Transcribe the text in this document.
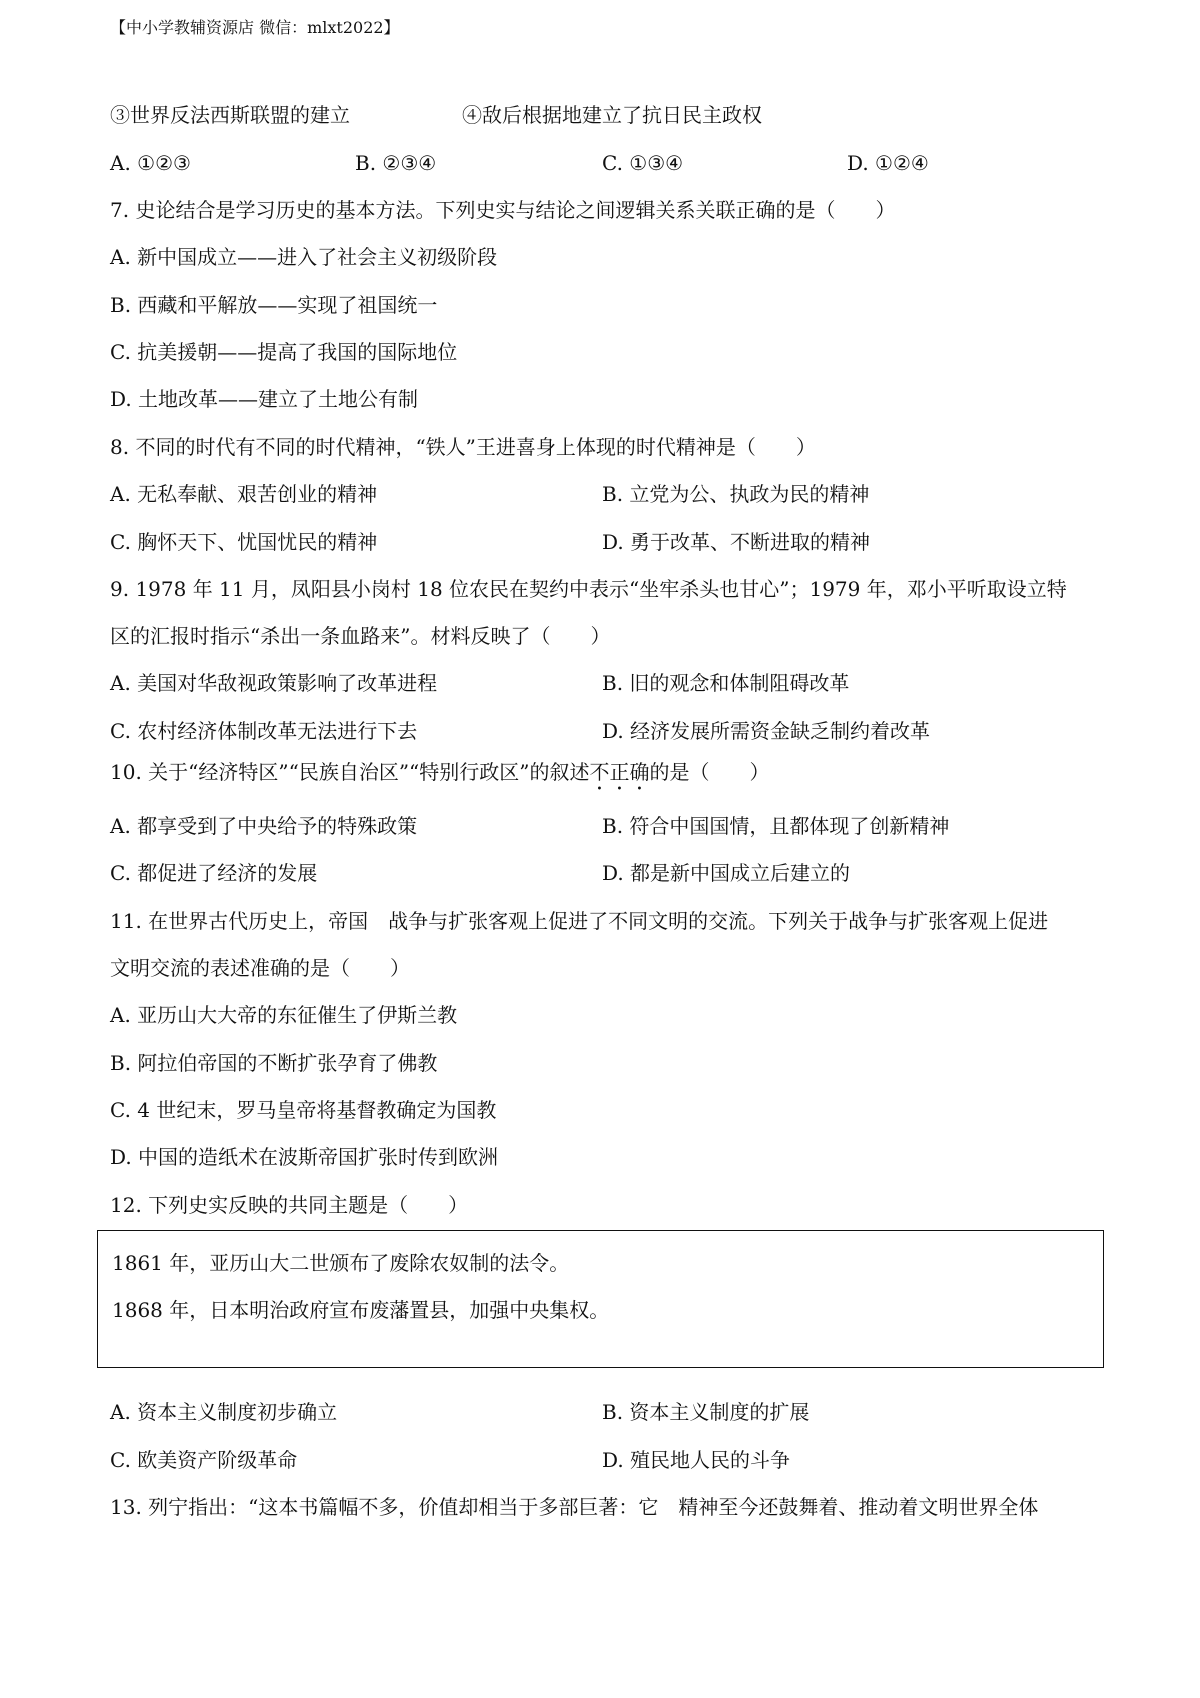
【中小学教辅资源店 微信：mlxt2022】
③世界反法西斯联盟的建立	④敌后根据地建立了抗日民主政权
A. ①②③	B. ②③④	C. ①③④	D. ①②④
7. 史论结合是学习历史的基本方法。下列史实与结论之间逻辑关系关联正确的是（　　）
A. 新中国成立——进入了社会主义初级阶段
B. 西藏和平解放——实现了祖国统一
C. 抗美援朝——提高了我国的国际地位
D. 土地改革——建立了土地公有制
8. 不同的时代有不同的时代精神，“铁人”王进喜身上体现的时代精神是（　　）
A. 无私奉献、艰苦创业的精神	B. 立党为公、执政为民的精神
C. 胸怀天下、忧国忧民的精神	D. 勇于改革、不断进取的精神
9. 1978 年 11 月，凤阳县小岗村 18 位农民在契约中表示“坐牢杀头也甘心”；1979 年，邓小平听取设立特
区的汇报时指示“杀出一条血路来”。材料反映了（　　）
A. 美国对华敌视政策影响了改革进程	B. 旧的观念和体制阻碍改革
C. 农村经济体制改革无法进行下去	D. 经济发展所需资金缺乏制约着改革
10. 关于“经济特区”“民族自治区”“特别行政区”的叙述不正确的是（　　）
A. 都享受到了中央给予的特殊政策	B. 符合中国国情，且都体现了创新精神
C. 都促进了经济的发展	D. 都是新中国成立后建立的
11. 在世界古代历史上，帝国　战争与扩张客观上促进了不同文明的交流。下列关于战争与扩张客观上促进
文明交流的表述准确的是（　　）
A. 亚历山大大帝的东征催生了伊斯兰教
B. 阿拉伯帝国的不断扩张孕育了佛教
C. 4 世纪末，罗马皇帝将基督教确定为国教
D. 中国的造纸术在波斯帝国扩张时传到欧洲
12. 下列史实反映的共同主题是（　　）
1861 年，亚历山大二世颁布了废除农奴制的法令。
1868 年，日本明治政府宣布废藩置县，加强中央集权。
A. 资本主义制度初步确立	B. 资本主义制度的扩展
C. 欧美资产阶级革命	D. 殖民地人民的斗争
13. 列宁指出：“这本书篇幅不多，价值却相当于多部巨著：它　精神至今还鼓舞着、推动着文明世界全体
